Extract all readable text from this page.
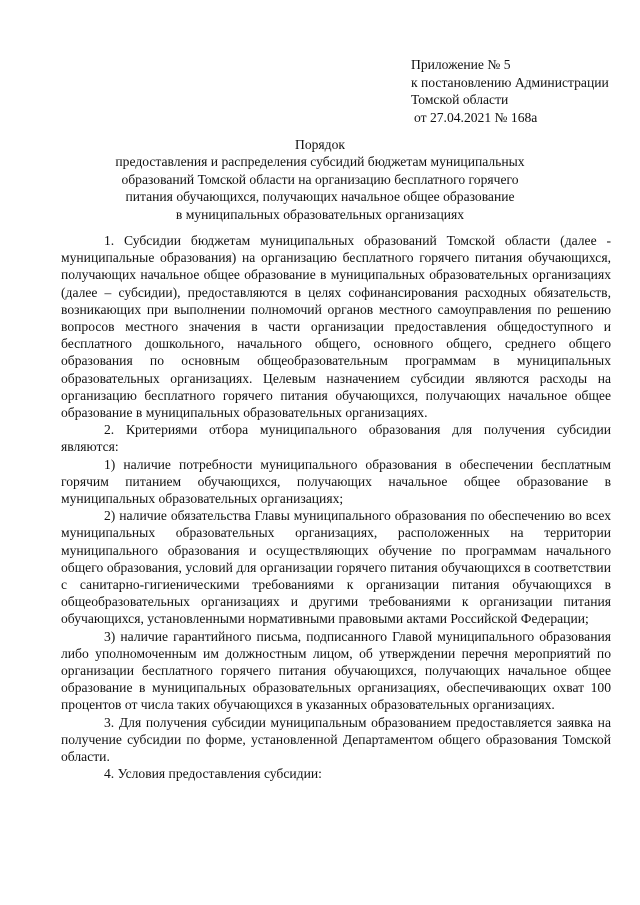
Приложение № 5
к постановлению Администрации
Томской области
от 27.04.2021 № 168а
Порядок
предоставления и распределения субсидий бюджетам муниципальных
образований Томской области на организацию бесплатного горячего
питания обучающихся, получающих начальное общее образование
в муниципальных образовательных организациях

1. Субсидии бюджетам муниципальных образований Томской области (далее - муниципальные образования) на организацию бесплатного горячего питания обучающихся, получающих начальное общее образование в муниципальных образовательных организациях (далее – субсидии), предоставляются в целях софинансирования расходных обязательств, возникающих при выполнении полномочий органов местного самоуправления по решению вопросов местного значения в части организации предоставления общедоступного и бесплатного дошкольного, начального общего, основного общего, среднего общего образования по основным общеобразовательным программам в муниципальных образовательных организациях. Целевым назначением субсидии являются расходы на организацию бесплатного горячего питания обучающихся, получающих начальное общее образование в муниципальных образовательных организациях.

2. Критериями отбора муниципального образования для получения субсидии являются:

1) наличие потребности муниципального образования в обеспечении бесплатным горячим питанием обучающихся, получающих начальное общее образование в муниципальных образовательных организациях;

2) наличие обязательства Главы муниципального образования по обеспечению во всех муниципальных образовательных организациях, расположенных на территории муниципального образования и осуществляющих обучение по программам начального общего образования, условий для организации горячего питания обучающихся в соответствии с санитарно-гигиеническими требованиями к организации питания обучающихся в общеобразовательных организациях и другими требованиями к организации питания обучающихся, установленными нормативными правовыми актами Российской Федерации;

3) наличие гарантийного письма, подписанного Главой муниципального образования либо уполномоченным им должностным лицом, об утверждении перечня мероприятий по организации бесплатного горячего питания обучающихся, получающих начальное общее образование в муниципальных образовательных организациях, обеспечивающих охват 100 процентов от числа таких обучающихся в указанных образовательных организациях.

3. Для получения субсидии муниципальным образованием предоставляется заявка на получение субсидии по форме, установленной Департаментом общего образования Томской области.

4. Условия предоставления субсидии:
